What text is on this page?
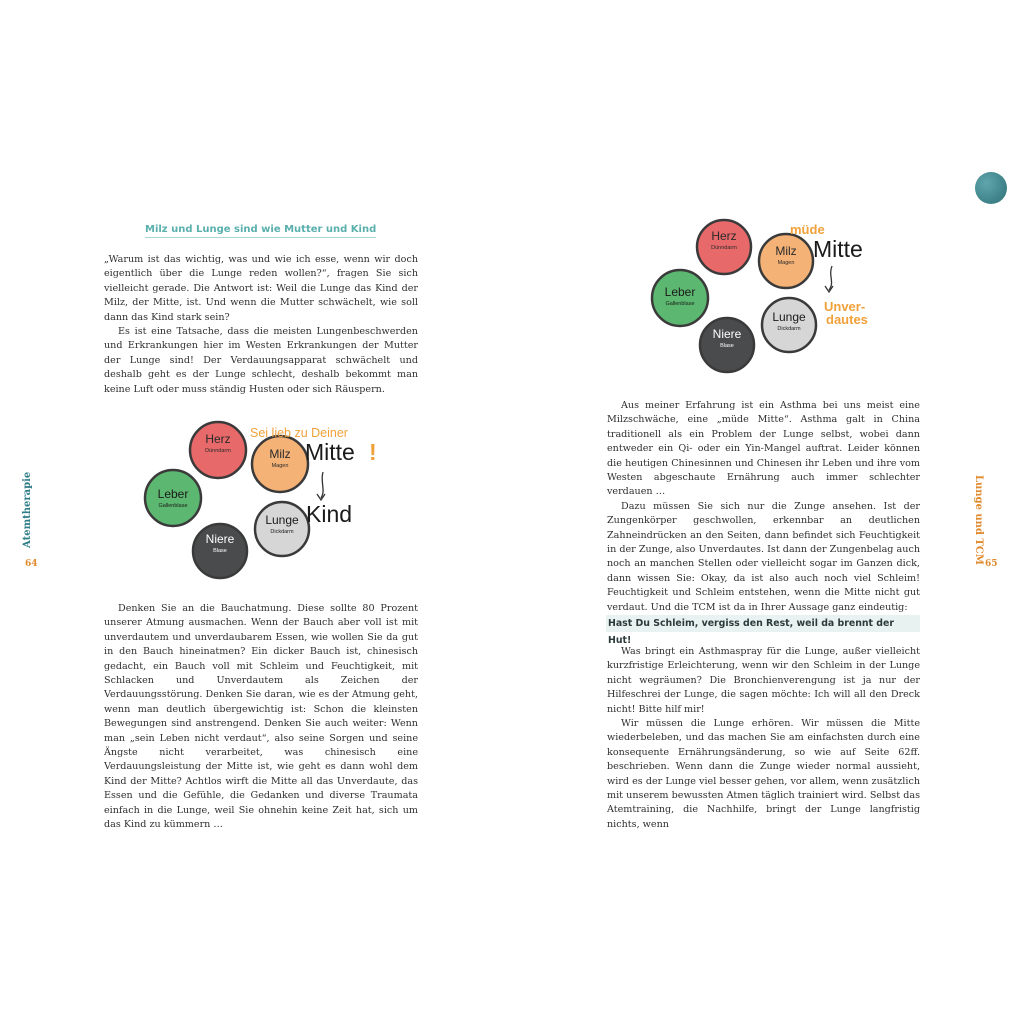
Atemtherapie
64
Milz und Lunge sind wie Mutter und Kind

„Warum ist das wichtig, was und wie ich esse, wenn wir doch eigentlich über die Lunge reden wollen?“, fragen Sie sich vielleicht gerade. Die Antwort ist: Weil die Lunge das Kind der Milz, der Mitte, ist. Und wenn die Mutter schwächelt, wie soll dann das Kind stark sein?

Es ist eine Tatsache, dass die meisten Lungenbeschwerden und Erkrankungen hier im Westen Erkrankungen der Mutter der Lunge sind! Der Verdauungsapparat schwächelt und deshalb geht es der Lunge schlecht, deshalb bekommt man keine Luft oder muss ständig Husten oder sich Räuspern.

Herz
Dünndarm	Milz
Magen
Leber
Gallenblase
Lunge
Dickdarm
Niere
Blase
Sei lieb zu Deiner
Mitte !
Kind

Denken Sie an die Bauchatmung. Diese sollte 80 Prozent unserer Atmung ausmachen. Wenn der Bauch aber voll ist mit unverdautem und unverdaubarem Essen, wie wollen Sie da gut in den Bauch hineinatmen? Ein dicker Bauch ist, chinesisch gedacht, ein Bauch voll mit Schleim und Feuchtigkeit, mit Schlacken und Unverdautem als Zeichen der Verdauungsstörung. Denken Sie daran, wie es der Atmung geht, wenn man deutlich übergewichtig ist: Schon die kleinsten Bewegungen sind anstrengend. Denken Sie auch weiter: Wenn man „sein Leben nicht verdaut“, also seine Sorgen und seine Ängste nicht verarbeitet, was chinesisch eine Verdauungsleistung der Mitte ist, wie geht es dann wohl dem Kind der Mitte? Achtlos wirft die Mitte all das Unverdaute, das Essen und die Gefühle, die Gedanken und diverse Traumata einfach in die Lunge, weil Sie ohnehin keine Zeit hat, sich um das Kind zu kümmern …

Lunge und TCM 65
Herz
Dünndarm	Milz
Magen
Leber
Gallenblase
Lunge
Dickdarm
Niere
Blase
müde
Mitte
Unver-
dautes

Aus meiner Erfahrung ist ein Asthma bei uns meist eine Milzschwäche, eine „müde Mitte“. Asthma galt in China traditionell als ein Problem der Lunge selbst, wobei dann entweder ein Qi- oder ein Yin-Mangel auftrat. Leider können die heutigen Chinesinnen und Chinesen ihr Leben und ihre vom Westen abgeschaute Ernährung auch immer schlechter verdauen …

Dazu müssen Sie sich nur die Zunge ansehen. Ist der Zungenkörper geschwollen, erkennbar an deutlichen Zahneindrücken an den Seiten, dann befindet sich Feuchtigkeit in der Zunge, also Unverdautes. Ist dann der Zungenbelag auch noch an manchen Stellen oder vielleicht sogar im Ganzen dick, dann wissen Sie: Okay, da ist also auch noch viel Schleim! Feuchtigkeit und Schleim entstehen, wenn die Mitte nicht gut verdaut. Und die TCM ist da in Ihrer Aussage ganz eindeutig:

Hast Du Schleim, vergiss den Rest, weil da brennt der Hut!

Was bringt ein Asthmaspray für die Lunge, außer vielleicht kurzfristige Erleichterung, wenn wir den Schleim in der Lunge nicht wegräumen? Die Bronchienverengung ist ja nur der Hilfeschrei der Lunge, die sagen möchte: Ich will all den Dreck nicht! Bitte hilf mir!

Wir müssen die Lunge erhören. Wir müssen die Mitte wiederbeleben, und das machen Sie am einfachsten durch eine konsequente Ernährungsänderung, so wie auf Seite 62ff. beschrieben. Wenn dann die Zunge wieder normal aussieht, wird es der Lunge viel besser gehen, vor allem, wenn zusätzlich mit unserem bewussten Atmen täglich trainiert wird. Selbst das Atemtraining, die Nachhilfe, bringt der Lunge langfristig nichts, wenn
